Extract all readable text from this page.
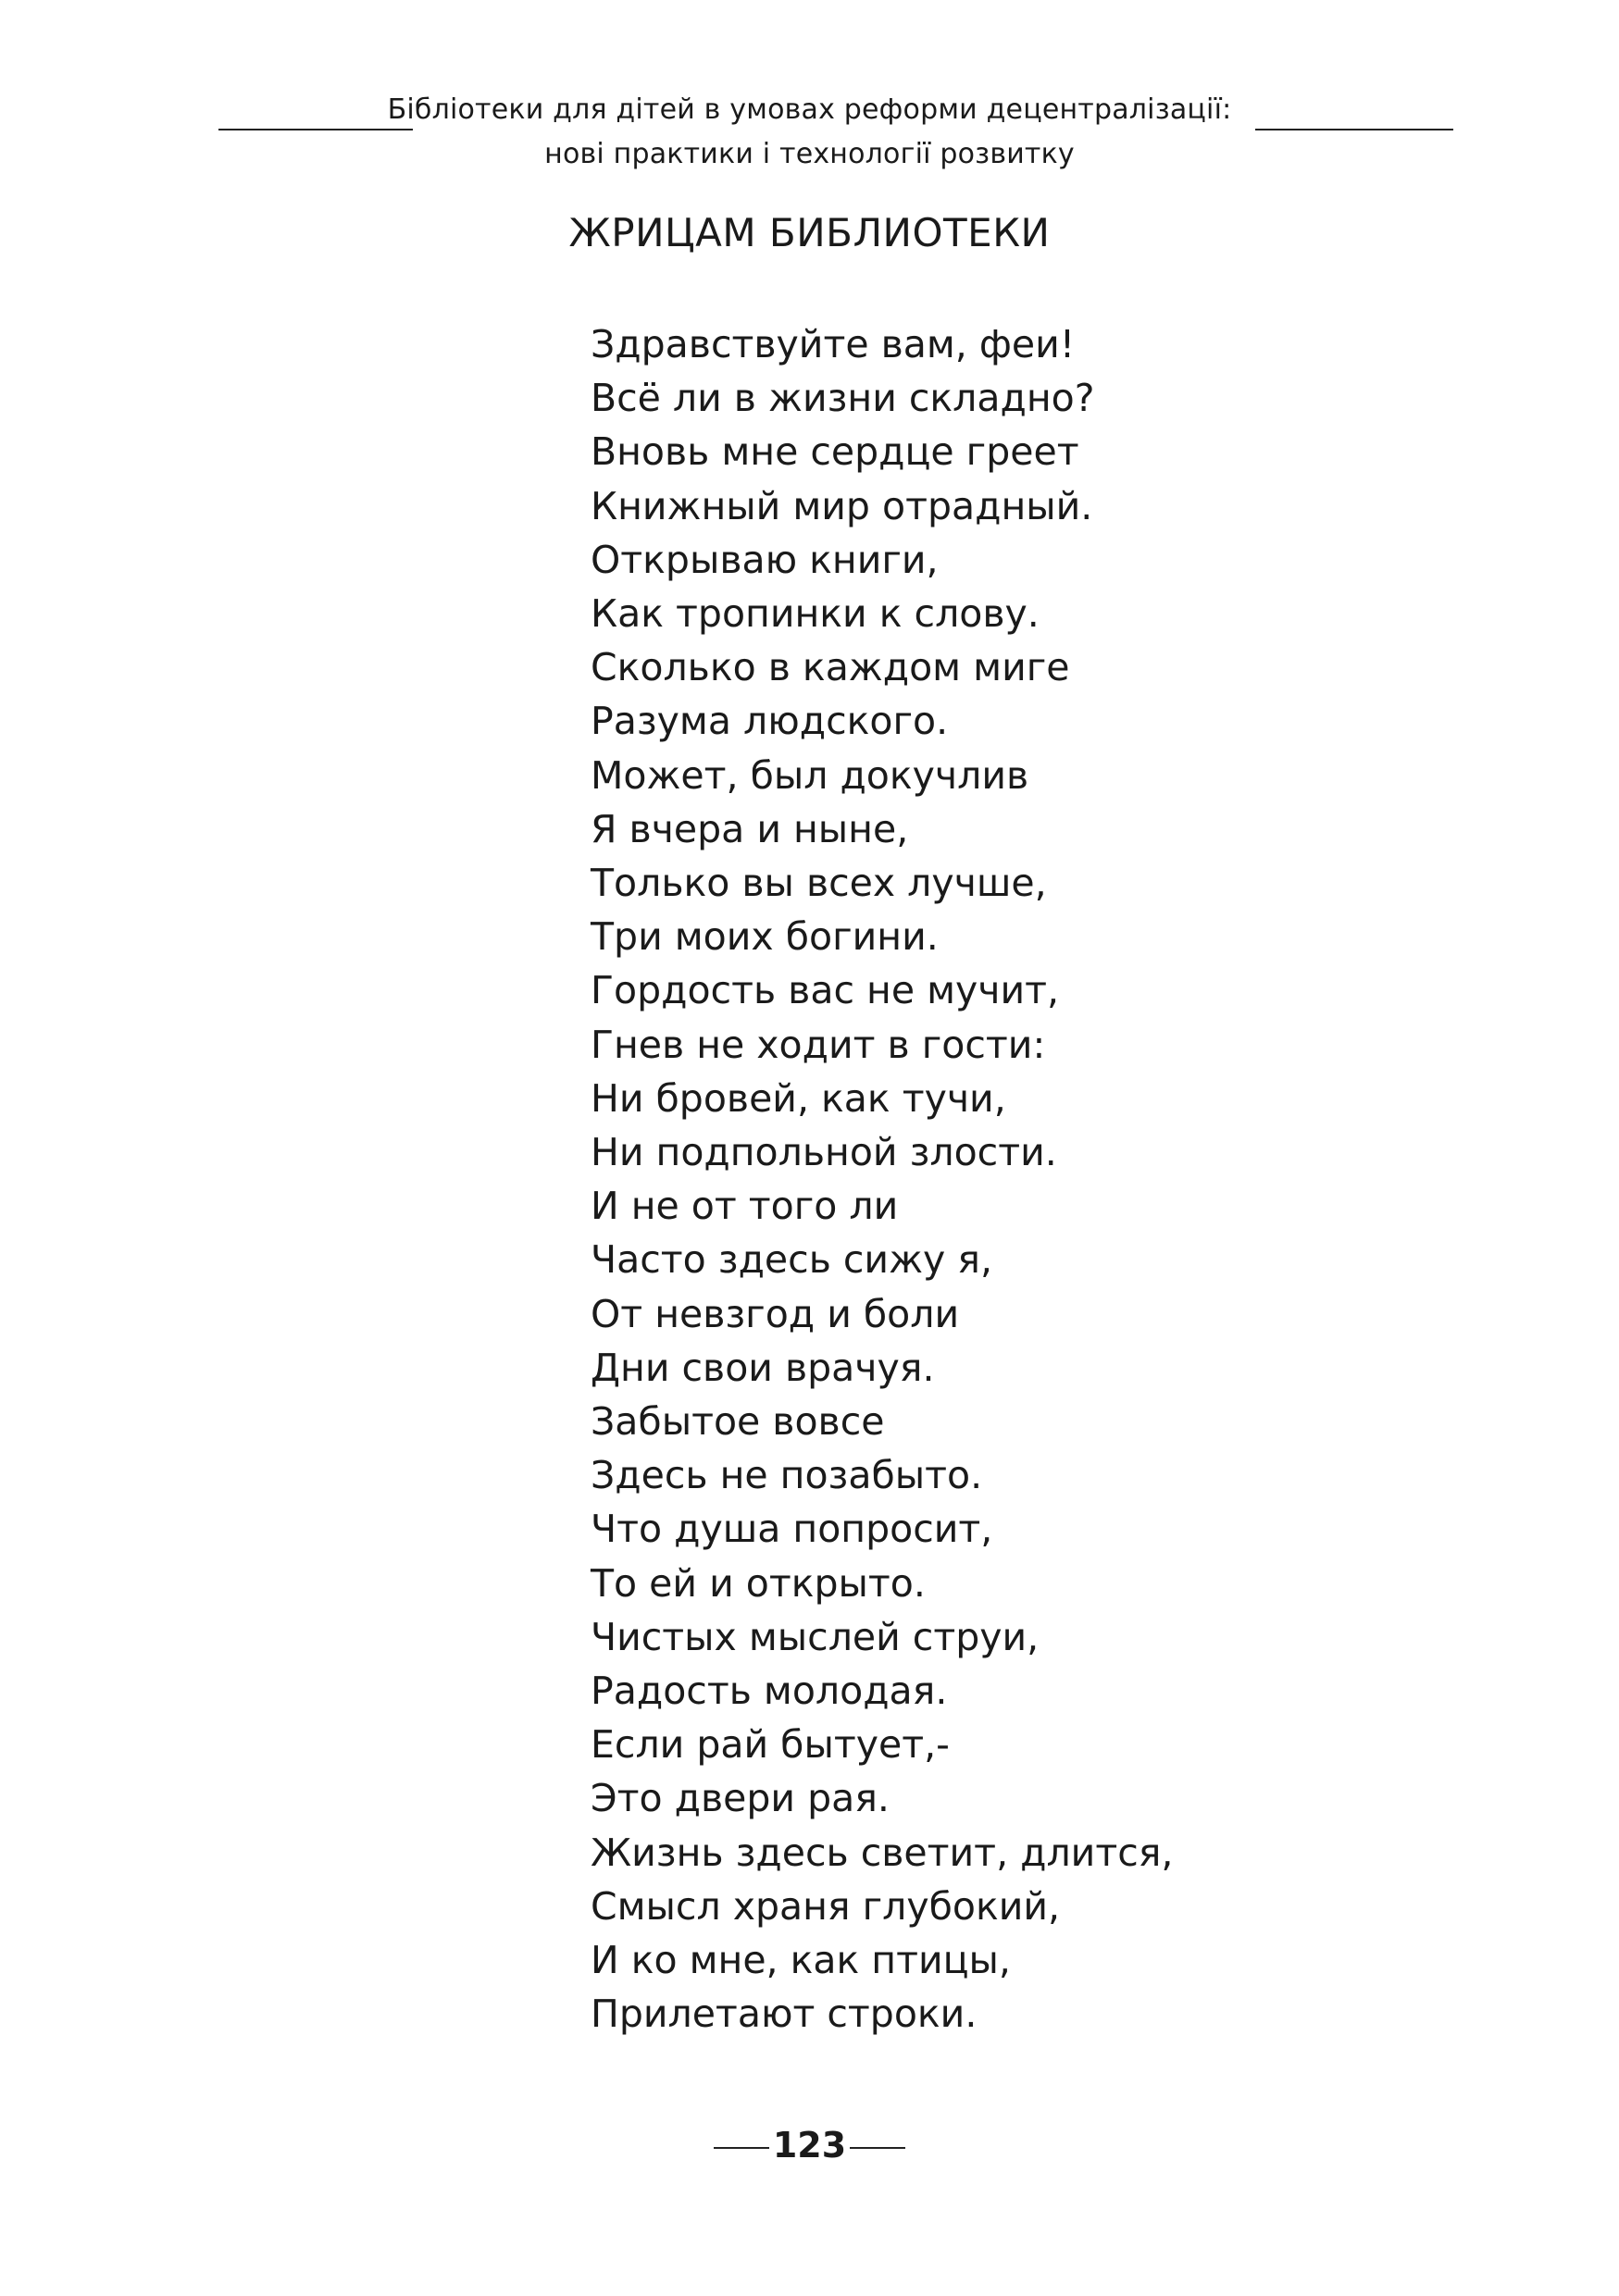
Бібліотеки для дітей в умовах реформи децентралізації:
нові практики і технології розвитку
ЖРИЦАМ БИБЛИОТЕКИ
Здравствуйте вам, феи!
Всё ли в жизни складно?
Вновь мне сердце греет
Книжный мир отрадный.
Открываю книги,
Как тропинки к слову.
Сколько в каждом миге
Разума людского.
Может, был докучлив
Я вчера и ныне,
Только вы всех лучше,
Три моих богини.
Гордость вас не мучит,
Гнев не ходит в гости:
Ни бровей, как тучи,
Ни подпольной злости.
И не от того ли
Часто здесь сижу я,
От невзгод и боли
Дни свои врачуя.
Забытое вовсе
Здесь не позабыто.
Что душа попросит,
То ей и открыто.
Чистых мыслей струи,
Радость молодая.
Если рай бытует,-
Это двери рая.
Жизнь здесь светит, длится,
Смысл храня глубокий,
И ко мне, как птицы,
Прилетают строки.
123
